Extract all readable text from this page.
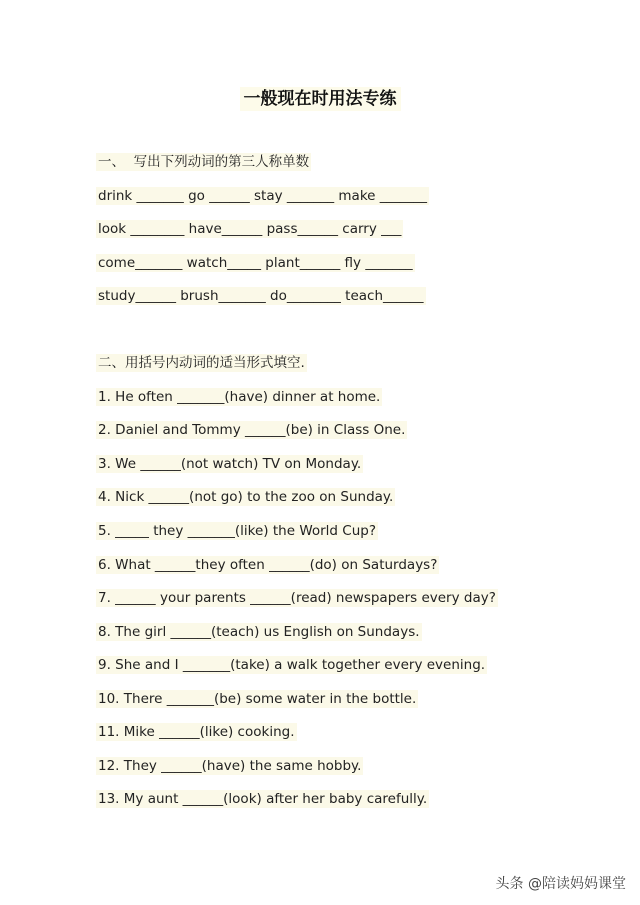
一般现在时用法专练
一、  写出下列动词的第三人称单数
drink _______ go ______ stay _______ make _______
look ________ have______ pass______ carry ___
come_______ watch_____ plant______ fly _______
study______ brush_______ do________ teach______
二、用括号内动词的适当形式填空.
1. He often _______(have) dinner at home.
2. Daniel and Tommy ______(be) in Class One.
3. We ______(not watch) TV on Monday.
4. Nick ______(not go) to the zoo on Sunday.
5. _____ they _______(like) the World Cup?
6. What ______they often ______(do) on Saturdays?
7. ______ your parents ______(read) newspapers every day?
8. The girl ______(teach) us English on Sundays.
9. She and I _______(take) a walk together every evening.
10. There _______(be) some water in the bottle.
11. Mike ______(like) cooking.
12. They ______(have) the same hobby.
13. My aunt ______(look) after her baby carefully.
头条 @陪读妈妈课堂
